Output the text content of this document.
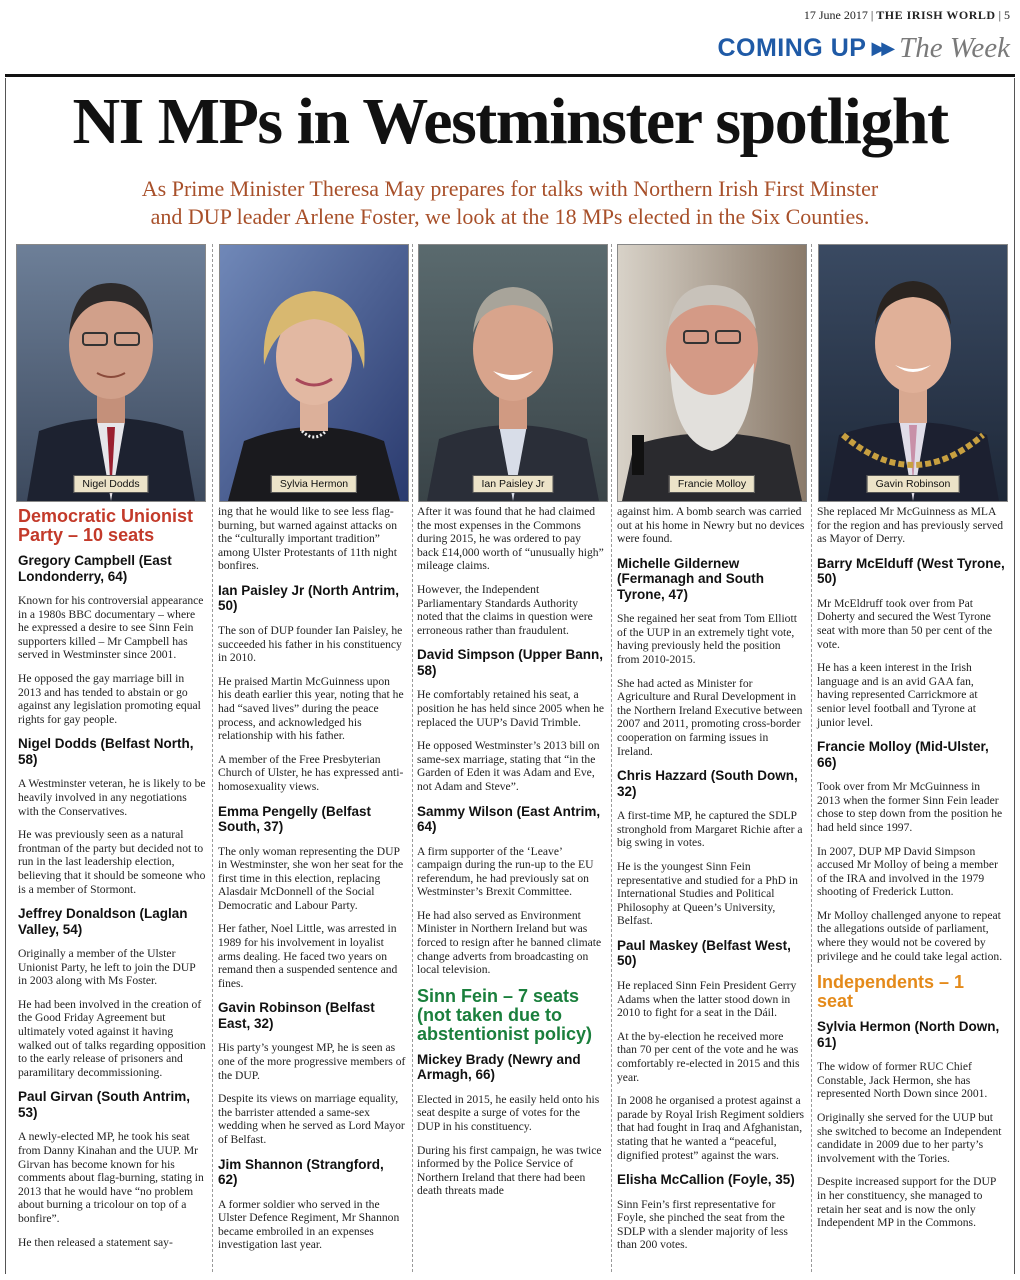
17 June 2017 | THE IRISH WORLD | 5
COMING UP ▶▶ The Week
NI MPs in Westminster spotlight

As Prime Minister Theresa May prepares for talks with Northern Irish First Minster
and DUP leader Arlene Foster, we look at the 18 MPs elected in the Six Counties.

Nigel Dodds	Sylvia Hermon	Ian Paisley Jr	Francie Molloy	Gavin Robinson
Democratic Unionist Party – 10 seats
Gregory Campbell (East Londonderry, 64)

Known for his controversial appearance in a 1980s BBC documentary – where he expressed a desire to see Sinn Fein supporters killed – Mr Campbell has served in Westminster since 2001.

He opposed the gay marriage bill in 2013 and has tended to abstain or go against any legislation promoting equal rights for gay people.

Nigel Dodds (Belfast North, 58)

A Westminster veteran, he is likely to be heavily involved in any negotiations with the Conservatives.

He was previously seen as a natural frontman of the party but decided not to run in the last leadership election, believing that it should be someone who is a member of Stormont.

Jeffrey Donaldson (Laglan Valley, 54)

Originally a member of the Ulster Unionist Party, he left to join the DUP in 2003 along with Ms Foster.

He had been involved in the creation of the Good Friday Agreement but ultimately voted against it having walked out of talks regarding opposition to the early release of prisoners and paramilitary decommissioning.

Paul Girvan (South Antrim, 53)

A newly-elected MP, he took his seat from Danny Kinahan and the UUP. Mr Girvan has become known for his comments about flag-burning, stating in 2013 that he would have “no problem about burning a tricolour on top of a bonfire”.

He then released a statement say-

ing that he would like to see less flag-burning, but warned against attacks on the “culturally important tradition” among Ulster Protestants of 11th night bonfires.

Ian Paisley Jr (North Antrim, 50)

The son of DUP founder Ian Paisley, he succeeded his father in his constituency in 2010.

He praised Martin McGuinness upon his death earlier this year, noting that he had “saved lives” during the peace process, and acknowledged his relationship with his father.

A member of the Free Presbyterian Church of Ulster, he has expressed anti-homosexuality views.

Emma Pengelly (Belfast South, 37)

The only woman representing the DUP in Westminster, she won her seat for the first time in this election, replacing Alasdair McDonnell of the Social Democratic and Labour Party.

Her father, Noel Little, was arrested in 1989 for his involvement in loyalist arms dealing. He faced two years on remand then a suspended sentence and fines.

Gavin Robinson (Belfast East, 32)

His party’s youngest MP, he is seen as one of the more progressive members of the DUP.

Despite its views on marriage equality, the barrister attended a same-sex wedding when he served as Lord Mayor of Belfast.

Jim Shannon (Strangford, 62)

A former soldier who served in the Ulster Defence Regiment, Mr Shannon became embroiled in an expenses investigation last year.

After it was found that he had claimed the most expenses in the Commons during 2015, he was ordered to pay back £14,000 worth of “unusually high” mileage claims.

However, the Independent Parliamentary Standards Authority noted that the claims in question were erroneous rather than fraudulent.

David Simpson (Upper Bann, 58)

He comfortably retained his seat, a position he has held since 2005 when he replaced the UUP’s David Trimble.

He opposed Westminster’s 2013 bill on same-sex marriage, stating that “in the Garden of Eden it was Adam and Eve, not Adam and Steve”.

Sammy Wilson (East Antrim, 64)

A firm supporter of the ‘Leave’ campaign during the run-up to the EU referendum, he had previously sat on Westminster’s Brexit Committee.

He had also served as Environment Minister in Northern Ireland but was forced to resign after he banned climate change adverts from broadcasting on local television.

Sinn Fein – 7 seats (not taken due to abstentionist policy)
Mickey Brady (Newry and Armagh, 66)

Elected in 2015, he easily held onto his seat despite a surge of votes for the DUP in his constituency.

During his first campaign, he was twice informed by the Police Service of Northern Ireland that there had been death threats made

against him. A bomb search was carried out at his home in Newry but no devices were found.

Michelle Gildernew (Fermanagh and South Tyrone, 47)

She regained her seat from Tom Elliott of the UUP in an extremely tight vote, having previously held the position from 2010-2015.

She had acted as Minister for Agriculture and Rural Development in the Northern Ireland Executive between 2007 and 2011, promoting cross-border cooperation on farming issues in Ireland.

Chris Hazzard (South Down, 32)

A first-time MP, he captured the SDLP stronghold from Margaret Richie after a big swing in votes.

He is the youngest Sinn Fein representative and studied for a PhD in International Studies and Political Philosophy at Queen’s University, Belfast.

Paul Maskey (Belfast West, 50)

He replaced Sinn Fein President Gerry Adams when the latter stood down in 2010 to fight for a seat in the Dáil.

At the by-election he received more than 70 per cent of the vote and he was comfortably re-elected in 2015 and this year.

In 2008 he organised a protest against a parade by Royal Irish Regiment soldiers that had fought in Iraq and Afghanistan, stating that he wanted a “peaceful, dignified protest” against the wars.

Elisha McCallion (Foyle, 35)

Sinn Fein’s first representative for Foyle, she pinched the seat from the SDLP with a slender majority of less than 200 votes.

She replaced Mr McGuinness as MLA for the region and has previously served as Mayor of Derry.

Barry McElduff (West Tyrone, 50)

Mr McEldruff took over from Pat Doherty and secured the West Tyrone seat with more than 50 per cent of the vote.

He has a keen interest in the Irish language and is an avid GAA fan, having represented Carrickmore at senior level football and Tyrone at junior level.

Francie Molloy (Mid-Ulster, 66)

Took over from Mr McGuinness in 2013 when the former Sinn Fein leader chose to step down from the position he had held since 1997.

In 2007, DUP MP David Simpson accused Mr Molloy of being a member of the IRA and involved in the 1979 shooting of Frederick Lutton.

Mr Molloy challenged anyone to repeat the allegations outside of parliament, where they would not be covered by privilege and he could take legal action.

Independents – 1 seat
Sylvia Hermon (North Down, 61)

The widow of former RUC Chief Constable, Jack Hermon, she has represented North Down since 2001.

Originally she served for the UUP but she switched to become an Independent candidate in 2009 due to her party’s involvement with the Tories.

Despite increased support for the DUP in her constituency, she managed to retain her seat and is now the only Independent MP in the Commons.
